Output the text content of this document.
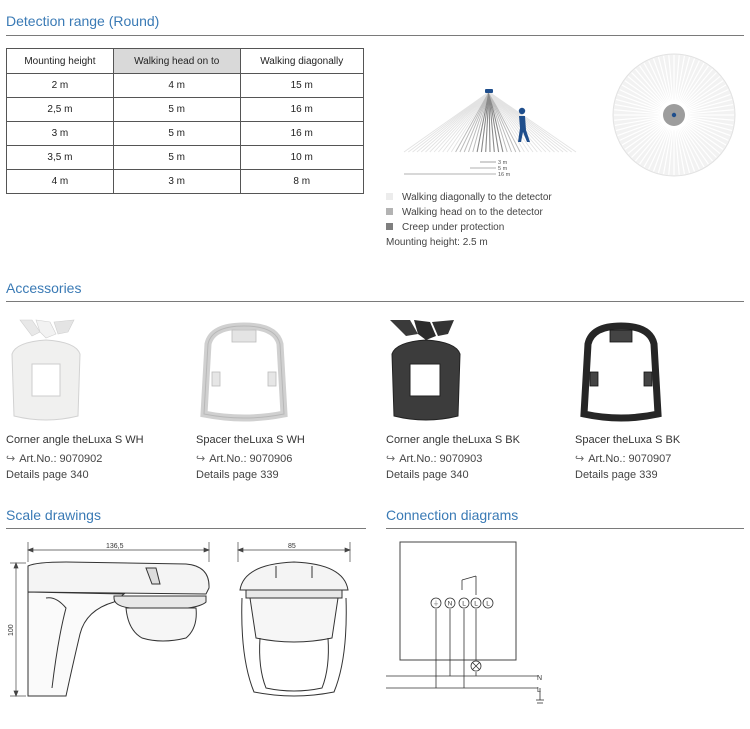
Detection range (Round)
Mounting height	Walking head on to	Walking diagonally
2 m	4 m	15 m
2,5 m	5 m	16 m
3 m	5 m	16 m
3,5 m	5 m	10 m
4 m	3 m	8 m
3 m
5 m
16 m
Walking diagonally to the detector
Walking head on to the detector
Creep under protection
Mounting height: 2.5 m
Accessories
Corner angle theLuxa S WH
↪ Art.No.: 9070902
Details page 340
Spacer theLuxa S WH
↪ Art.No.: 9070906
Details page 339
Corner angle theLuxa S BK
↪ Art.No.: 9070903
Details page 340
Spacer theLuxa S BK
↪ Art.No.: 9070907
Details page 339
Scale drawings
136,5
100
85
Connection diagrams
⏚ N L L L
N
L
